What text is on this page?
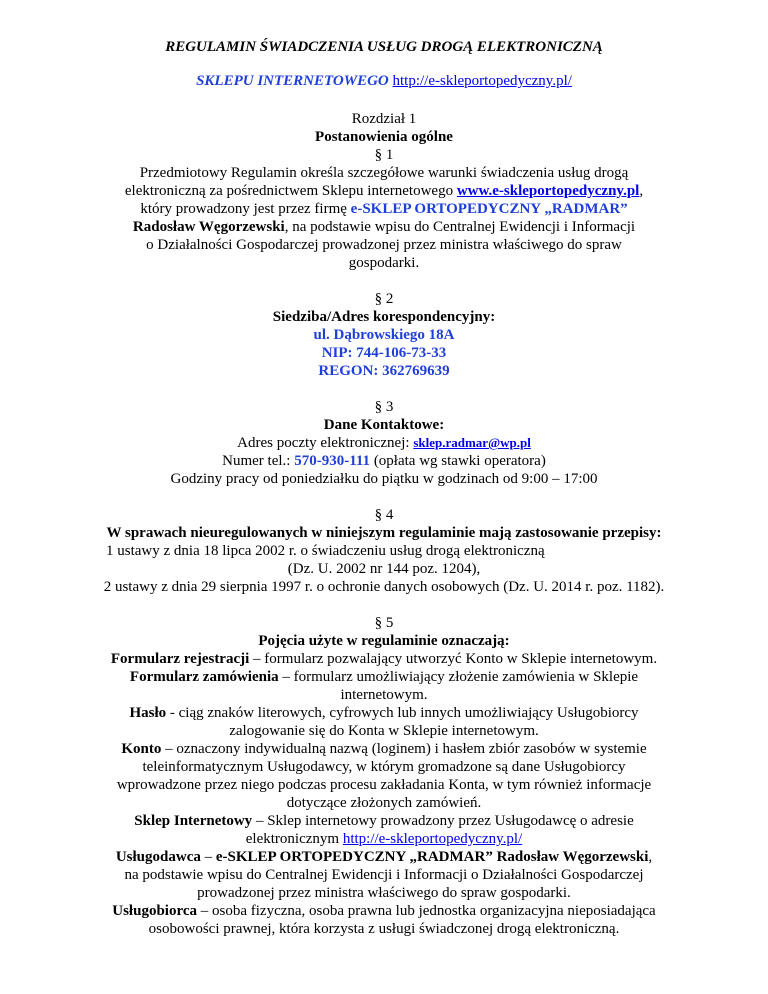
REGULAMIN ŚWIADCZENIA USŁUG DROGĄ ELEKTRONICZNĄ
SKLEPU INTERNETOWEGO http://e-skleportopedyczny.pl/
Rozdział 1
Postanowienia ogólne
§ 1
Przedmiotowy Regulamin określa szczegółowe warunki świadczenia usług drogą
elektroniczną za pośrednictwem Sklepu internetowego www.e-skleportopedyczny.pl,
który prowadzony jest przez firmę e-SKLEP ORTOPEDYCZNY „RADMAR”
Radosław Węgorzewski, na podstawie wpisu do Centralnej Ewidencji i Informacji
o Działalności Gospodarczej prowadzonej przez ministra właściwego do spraw
gospodarki.
§ 2
Siedziba/Adres korespondencyjny:
ul. Dąbrowskiego 18A
NIP: 744-106-73-33
REGON: 362769639
§ 3
Dane Kontaktowe:
Adres poczty elektronicznej: sklep.radmar@wp.pl
Numer tel.: 570-930-111 (opłata wg stawki operatora)
Godziny pracy od poniedziałku do piątku w godzinach od 9:00 – 17:00
§ 4
W sprawach nieuregulowanych w niniejszym regulaminie mają zastosowanie przepisy:
1 ustawy z dnia 18 lipca 2002 r. o świadczeniu usług drogą elektroniczną
(Dz. U. 2002 nr 144 poz. 1204),
2 ustawy z dnia 29 sierpnia 1997 r. o ochronie danych osobowych (Dz. U. 2014 r. poz. 1182).
§ 5
Pojęcia użyte w regulaminie oznaczają:
Formularz rejestracji – formularz pozwalający utworzyć Konto w Sklepie internetowym.
Formularz zamówienia – formularz umożliwiający złożenie zamówienia w Sklepie
internetowym.
Hasło - ciąg znaków literowych, cyfrowych lub innych umożliwiający Usługobiorcy
zalogowanie się do Konta w Sklepie internetowym.
Konto – oznaczony indywidualną nazwą (loginem) i hasłem zbiór zasobów w systemie
teleinformatycznym Usługodawcy, w którym gromadzone są dane Usługobiorcy
wprowadzone przez niego podczas procesu zakładania Konta, w tym również informacje
dotyczące złożonych zamówień.
Sklep Internetowy – Sklep internetowy prowadzony przez Usługodawcę o adresie
elektronicznym http://e-skleportopedyczny.pl/
Usługodawca – e-SKLEP ORTOPEDYCZNY „RADMAR” Radosław Węgorzewski,
na podstawie wpisu do Centralnej Ewidencji i Informacji o Działalności Gospodarczej
prowadzonej przez ministra właściwego do spraw gospodarki.
Usługobiorca – osoba fizyczna, osoba prawna lub jednostka organizacyjna nieposiadająca
osobowości prawnej, która korzysta z usługi świadczonej drogą elektroniczną.
